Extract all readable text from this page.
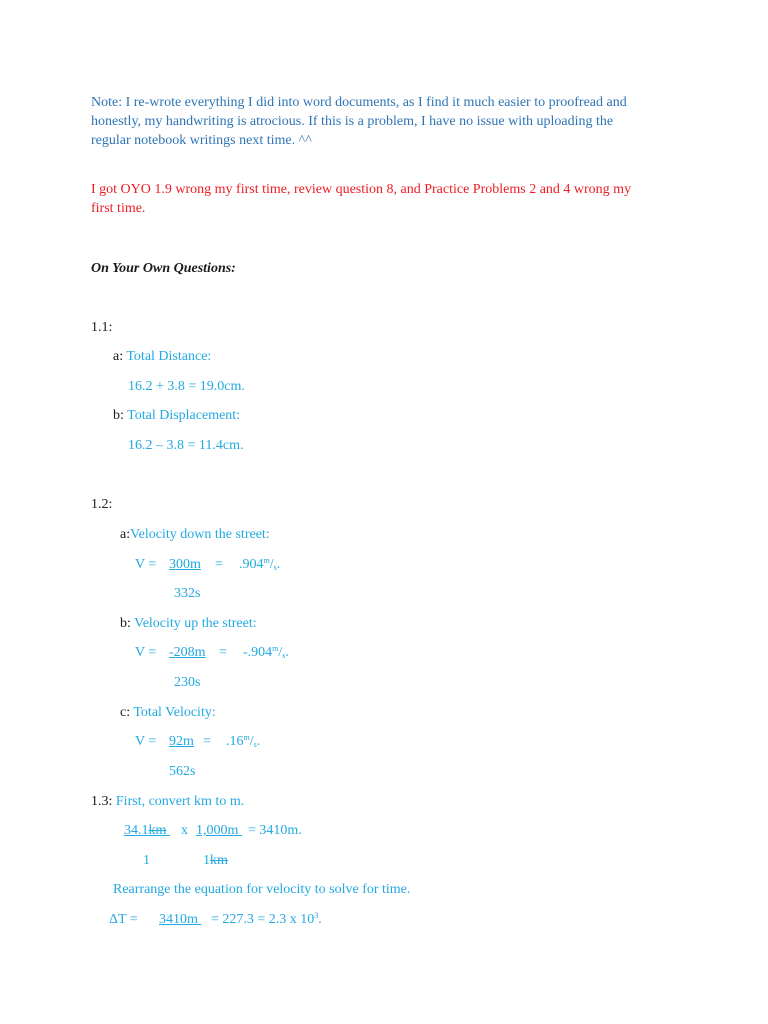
Note: I re-wrote everything I did into word documents, as I find it much easier to proofread and
honestly, my handwriting is atrocious. If this is a problem, I have no issue with uploading the
regular notebook writings next time. ^^
I got OYO 1.9 wrong my first time, review question 8, and Practice Problems 2 and 4 wrong my
first time.
On Your Own Questions:
1.1:
a: Total Distance:
16.2 + 3.8 = 19.0cm.
b: Total Displacement:
16.2 – 3.8 = 11.4cm.
1.2:
a:Velocity down the street:
$V = 300m = .904^m/_s$.
332s
b: Velocity up the street:
$V = -208m = -.904^m/_s$.
230s
c: Total Velocity:
$V = 92m = .16^m/_s$.
562s
1.3: First, convert km to m.
34.1km x 1,000m = 3410m.
1	1km
Rearrange the equation for velocity to solve for time.
ΔT = 3410m = 227.3 = 2.3 x $10^3$.
